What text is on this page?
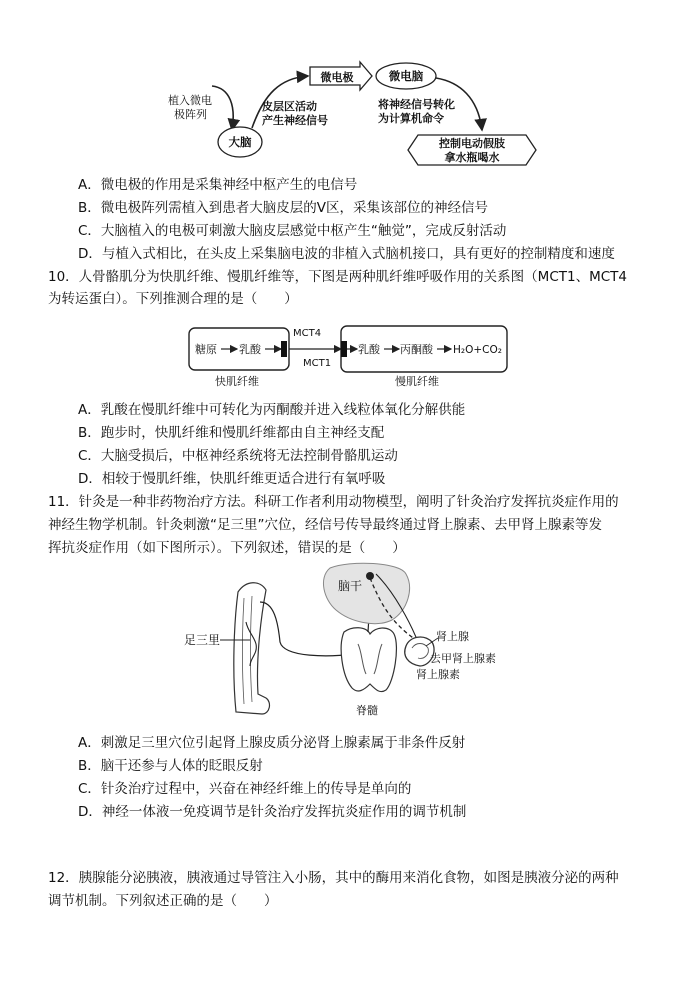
植入微电
极阵列
大脑
皮层区活动
产生神经信号
微电极	微电脑
将神经信号转化
为计算机命令
控制电动假肢
拿水瓶喝水
A．微电极的作用是采集神经中枢产生的电信号
B．微电极阵列需植入到患者大脑皮层的Ⅴ区，采集该部位的神经信号
C．大脑植入的电极可刺激大脑皮层感觉中枢产生“触觉”，完成反射活动
D．与植入式相比，在头皮上采集脑电波的非植入式脑机接口，具有更好的控制精度和速度
10．人骨骼肌分为快肌纤维、慢肌纤维等，下图是两种肌纤维呼吸作用的关系图（MCT1、MCT4
为转运蛋白）。下列推测合理的是（　　）
糖原 乳酸
MCT4
MCT1
乳酸 丙酮酸 H₂O+CO₂
快肌纤维	慢肌纤维
A．乳酸在慢肌纤维中可转化为丙酮酸并进入线粒体氧化分解供能
B．跑步时，快肌纤维和慢肌纤维都由自主神经支配
C．大脑受损后，中枢神经系统将无法控制骨骼肌运动
D．相较于慢肌纤维，快肌纤维更适合进行有氧呼吸
11．针灸是一种非药物治疗方法。科研工作者利用动物模型，阐明了针灸治疗发挥抗炎症作用的
神经生物学机制。针灸刺激“足三里”穴位，经信号传导最终通过肾上腺素、去甲肾上腺素等发
挥抗炎症作用（如下图所示）。下列叙述，错误的是（　　）
足三里
脊髓
脑干
肾上腺
去甲肾上腺素
肾上腺素
A．刺激足三里穴位引起肾上腺皮质分泌肾上腺素属于非条件反射
B．脑干还参与人体的眨眼反射
C．针灸治疗过程中，兴奋在神经纤维上的传导是单向的
D．神经一体液一免疫调节是针灸治疗发挥抗炎症作用的调节机制
12．胰腺能分泌胰液，胰液通过导管注入小肠，其中的酶用来消化食物，如图是胰液分泌的两种
调节机制。下列叙述正确的是（　　）
